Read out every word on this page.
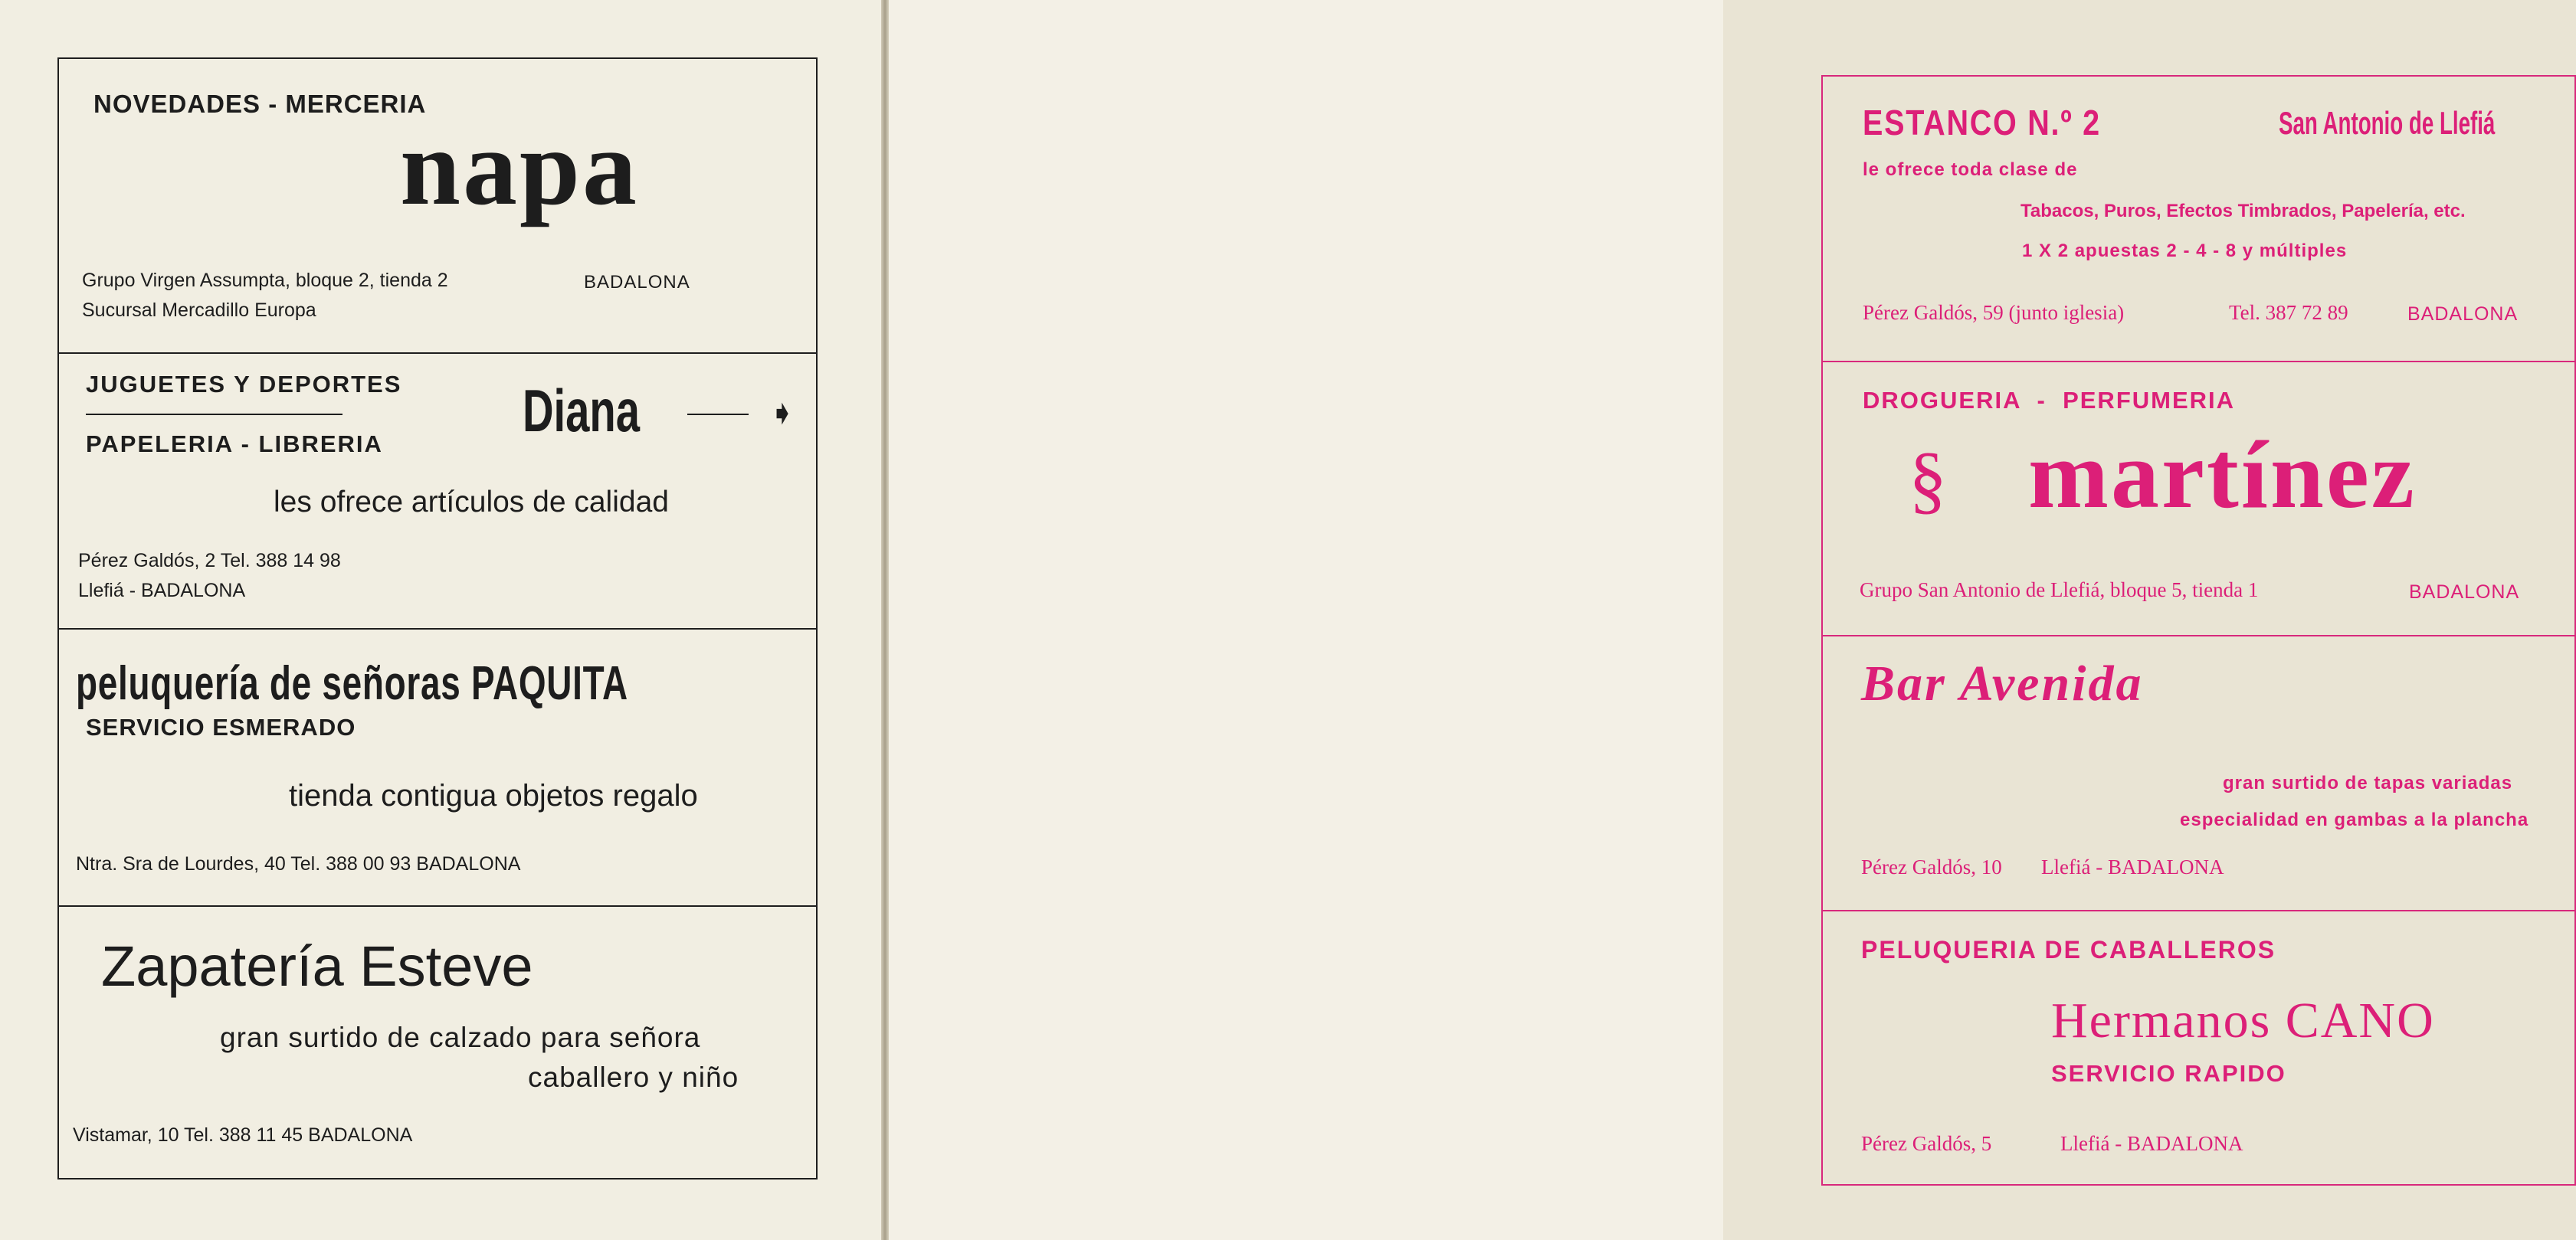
NOVEDADES - MERCERIA
napa
Grupo Virgen Assumpta, bloque 2, tienda 2	BADALONA
Sucursal Mercadillo Europa
JUGUETES Y DEPORTES Diana	➧
PAPELERIA - LIBRERIA
les ofrece artículos de calidad
Pérez Galdós, 2 Tel. 388 14 98
Llefiá - BADALONA
peluquería de señoras PAQUITA
SERVICIO ESMERADO
tienda contigua objetos regalo
Ntra. Sra de Lourdes, 40 Tel. 388 00 93 BADALONA
Zapatería Esteve
gran surtido de calzado para señora
caballero y niño
Vistamar, 10 Tel. 388 11 45 BADALONA
ESTANCO N.º 2	San Antonio de Llefiá
le ofrece toda clase de
Tabacos, Puros, Efectos Timbrados, Papelería, etc.
1 X 2 apuestas 2 - 4 - 8 y múltiples
Pérez Galdós, 59 (junto iglesia)	Tel. 387 72 89	BADALONA
DROGUERIA  -  PERFUMERIA
§ martínez
Grupo San Antonio de Llefiá, bloque 5, tienda 1	BADALONA
Bar Avenida
gran surtido de tapas variadas
especialidad en gambas a la plancha
Pérez Galdós, 10 Llefiá - BADALONA
PELUQUERIA DE CABALLEROS
Hermanos CANO
SERVICIO RAPIDO
Pérez Galdós, 5	Llefiá - BADALONA
